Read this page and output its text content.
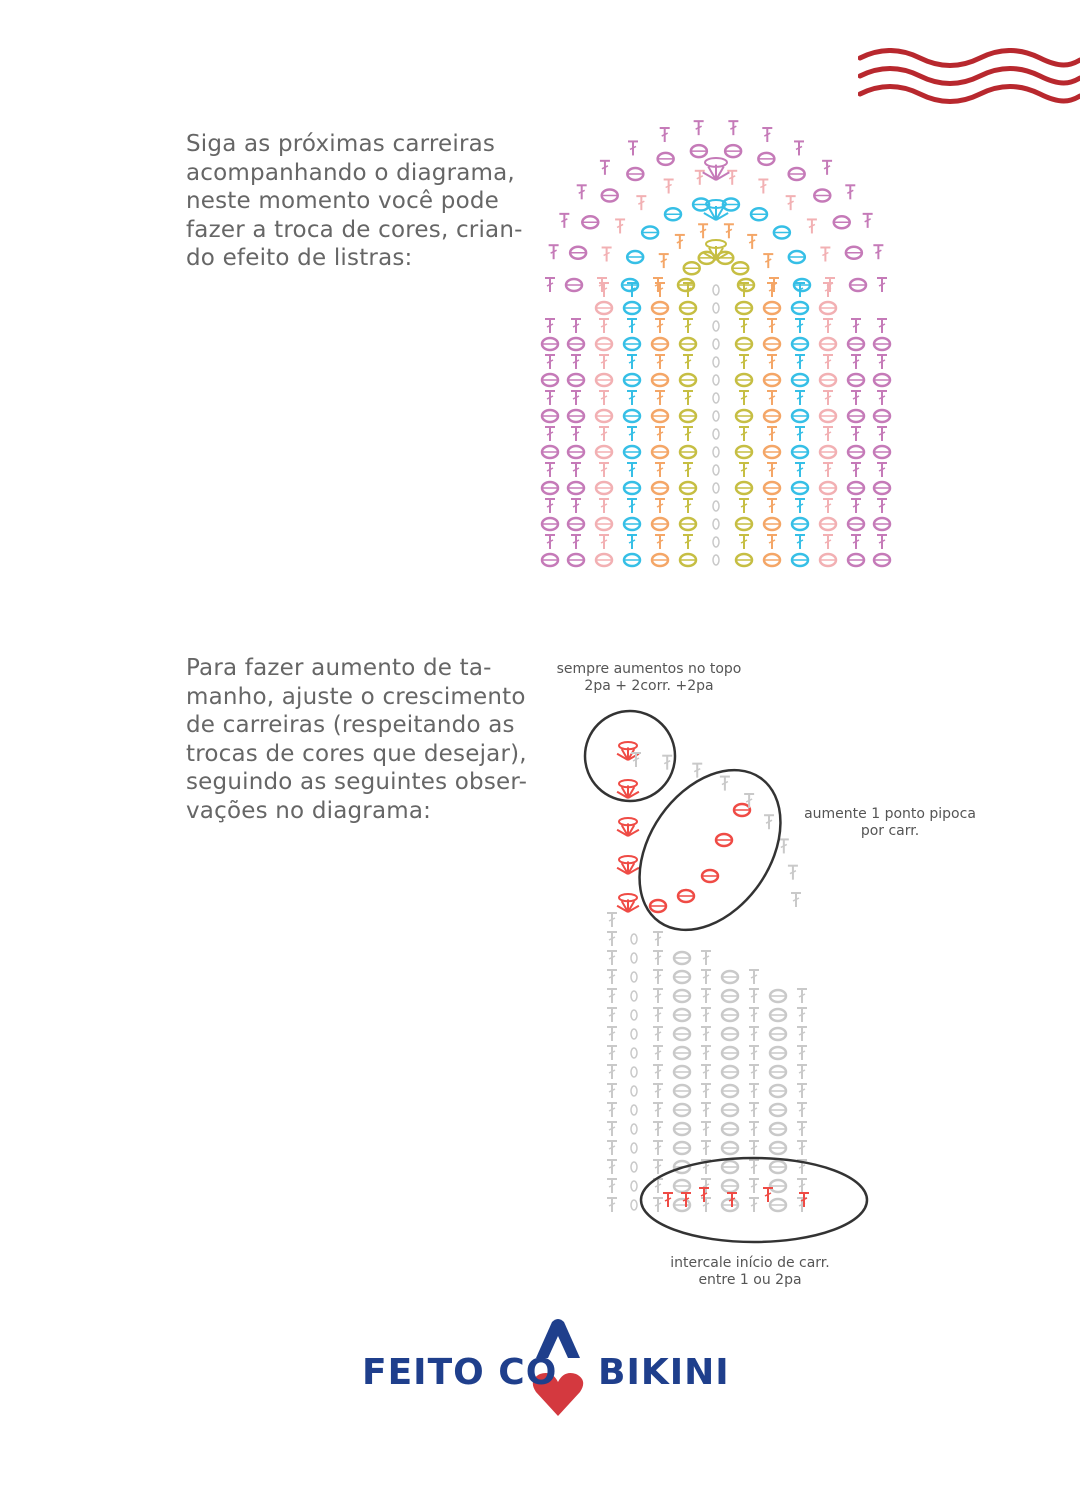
Siga as próximas carreiras
acompanhando o diagrama,
neste momento você pode
fazer a troca de cores, crian-
do efeito de listras:
Para fazer aumento de ta-
manho, ajuste o crescimento
de carreiras (respeitando as
trocas de cores que desejar),
seguindo as seguintes obser-
vações no diagrama:
sempre aumentos no topo
2pa + 2corr. +2pa
aumente 1 ponto pipoca
por carr.
intercale início de carr.
entre 1 ou 2pa
FEITO CO BIKINI
